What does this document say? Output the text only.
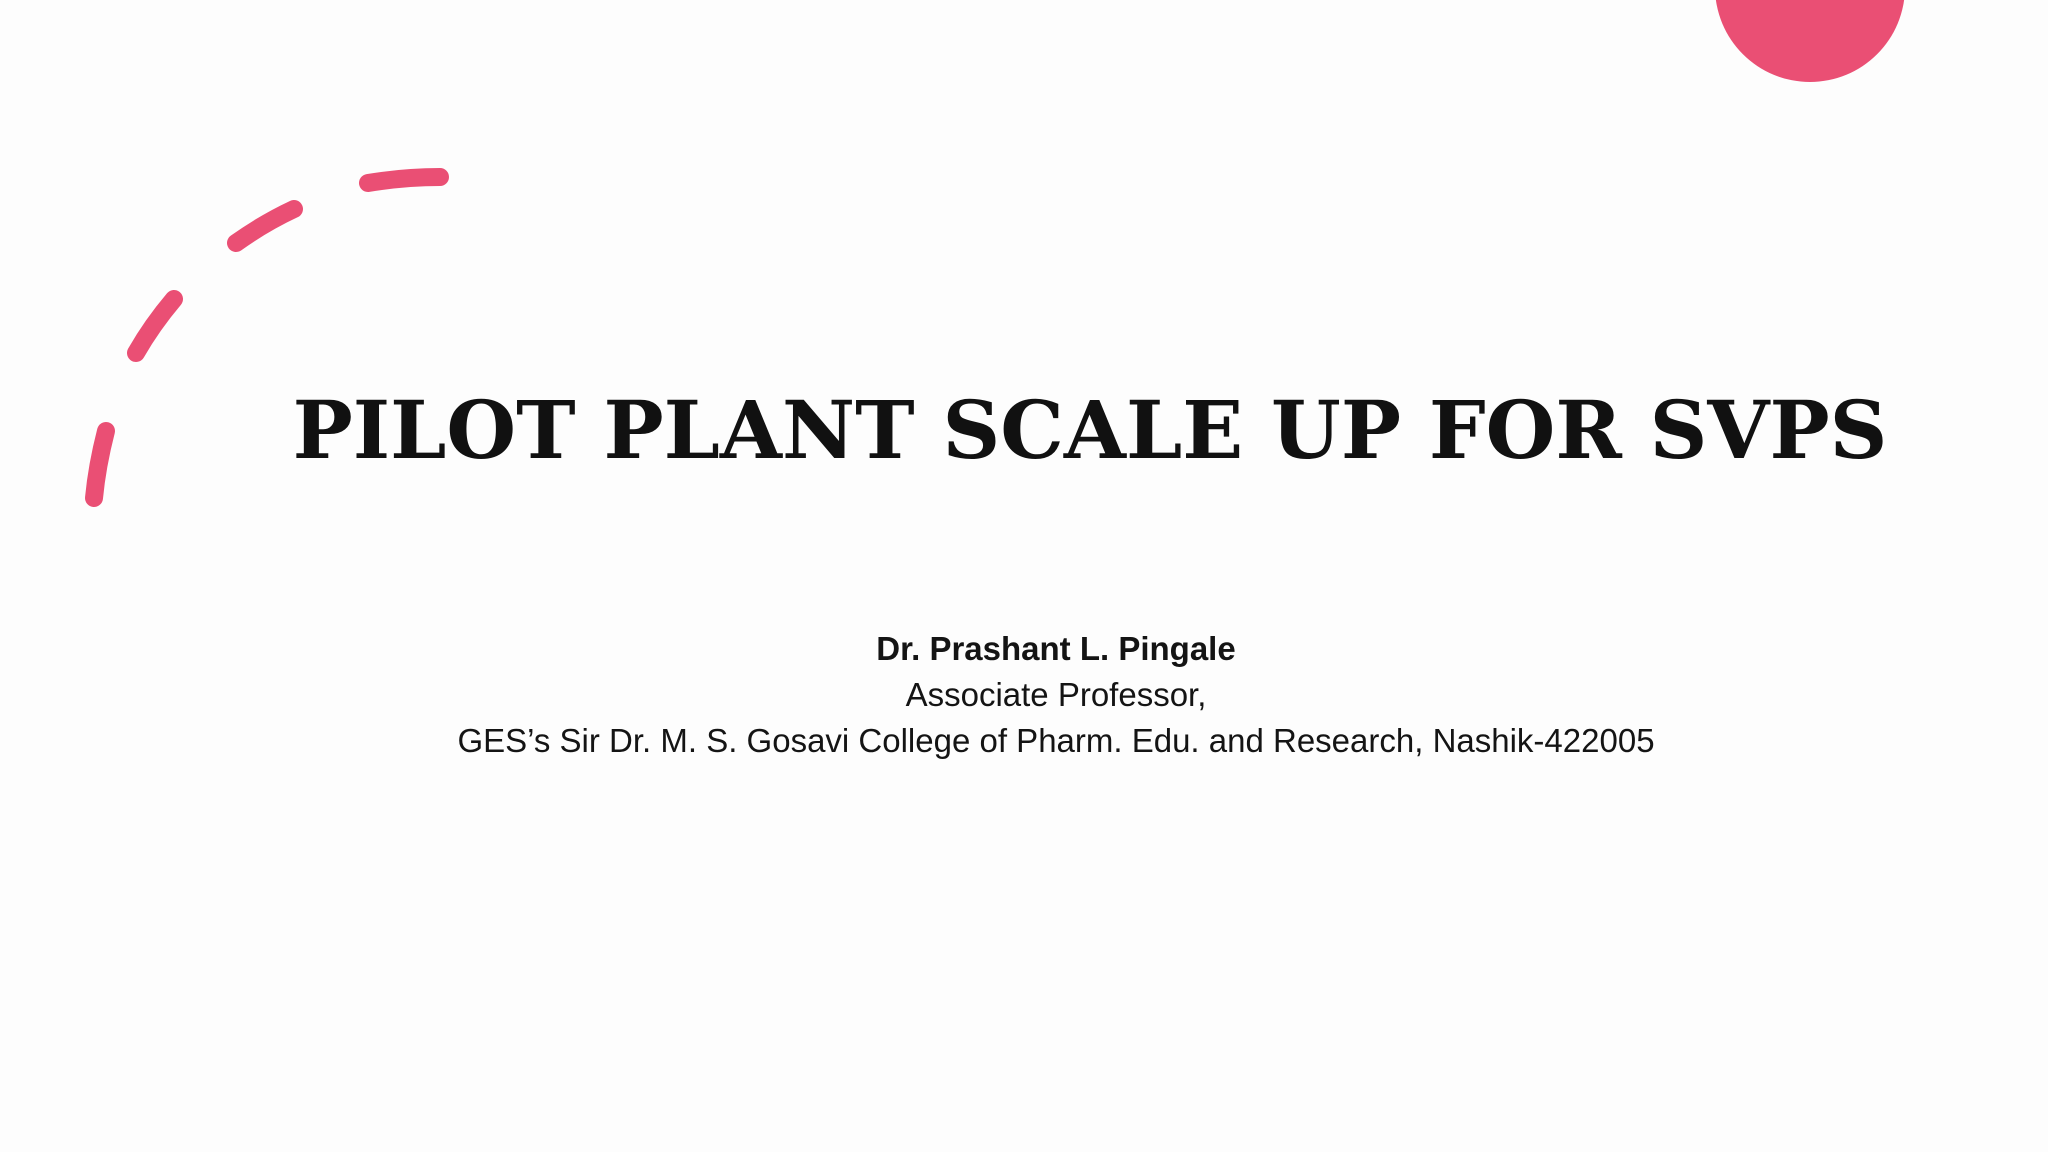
PILOT PLANT SCALE UP FOR SVPS
Dr. Prashant L. Pingale
Associate Professor,
GES’s Sir Dr. M. S. Gosavi College of Pharm. Edu. and Research, Nashik-422005
